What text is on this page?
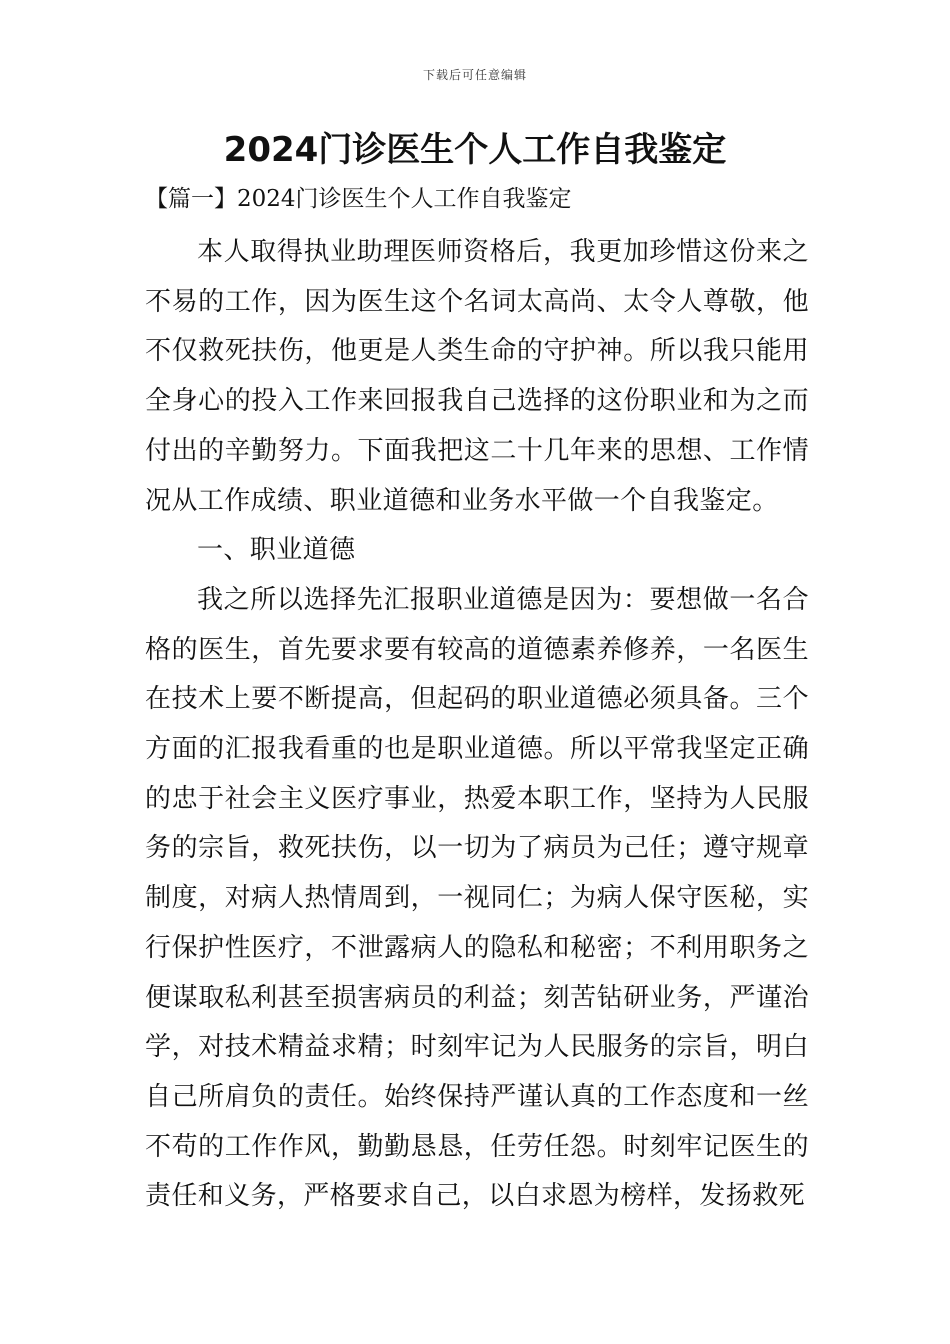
下载后可任意编辑
2024门诊医生个人工作自我鉴定
【篇一】2024门诊医生个人工作自我鉴定

本人取得执业助理医师资格后，我更加珍惜这份来之不易的工作，因为医生这个名词太高尚、太令人尊敬，他不仅救死扶伤，他更是人类生命的守护神。所以我只能用全身心的投入工作来回报我自己选择的这份职业和为之而付出的辛勤努力。下面我把这二十几年来的思想、工作情况从工作成绩、职业道德和业务水平做一个自我鉴定。

一、职业道德

我之所以选择先汇报职业道德是因为：要想做一名合格的医生，首先要求要有较高的道德素养修养，一名医生在技术上要不断提高，但起码的职业道德必须具备。三个方面的汇报我看重的也是职业道德。所以平常我坚定正确的忠于社会主义医疗事业，热爱本职工作，坚持为人民服务的宗旨，救死扶伤，以一切为了病员为己任；遵守规章制度，对病人热情周到，一视同仁；为病人保守医秘，实行保护性医疗，不泄露病人的隐私和秘密；不利用职务之便谋取私利甚至损害病员的利益；刻苦钻研业务，严谨治学，对技术精益求精；时刻牢记为人民服务的宗旨，明白自己所肩负的责任。始终保持严谨认真的工作态度和一丝不苟的工作作风，勤勤恳恳，任劳任怨。时刻牢记医生的责任和义务，严格要求自己，以白求恩为榜样，发扬救死
